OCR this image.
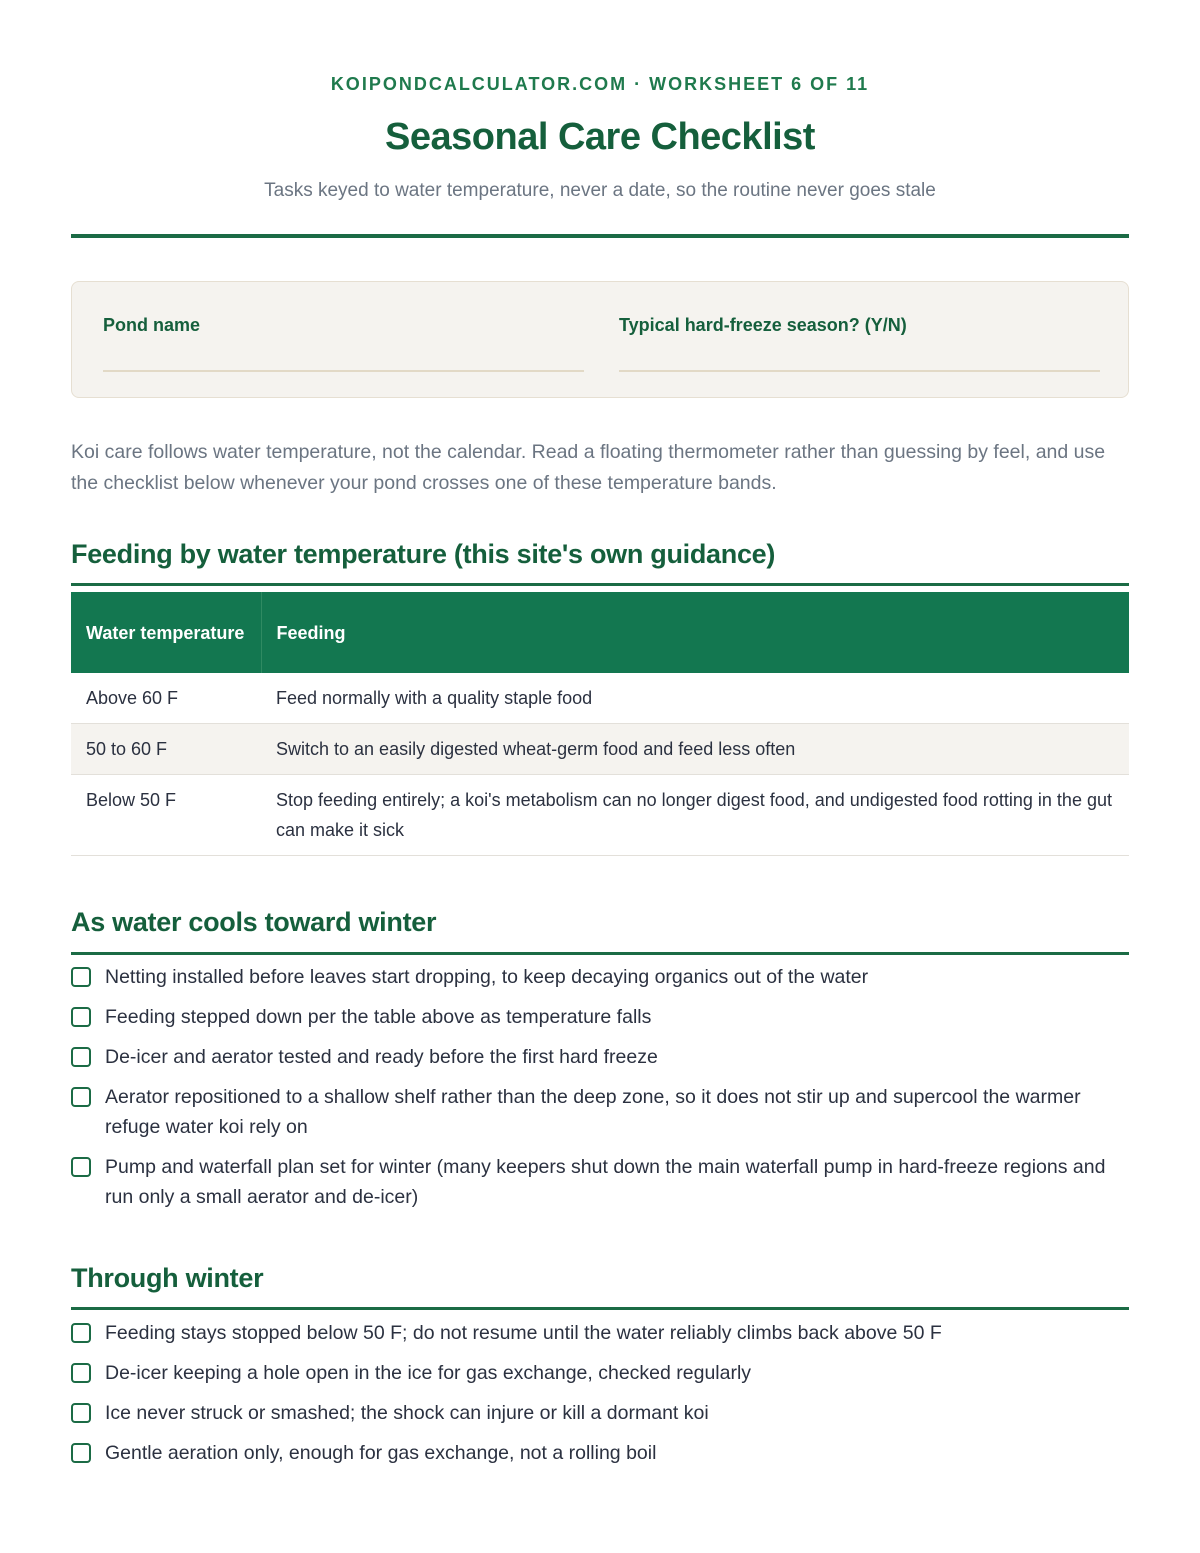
KOIPONDCALCULATOR.COM · WORKSHEET 6 OF 11
Seasonal Care Checklist

Tasks keyed to water temperature, never a date, so the routine never goes stale

Pond name	Typical hard-freeze season? (Y/N)

Koi care follows water temperature, not the calendar. Read a floating thermometer rather than guessing by feel, and use the checklist below whenever your pond crosses one of these temperature bands.

Feeding by water temperature (this site's own guidance)
Water temperature	Feeding
Above 60 F	Feed normally with a quality staple food
50 to 60 F	Switch to an easily digested wheat-germ food and feed less often
Below 50 F	Stop feeding entirely; a koi's metabolism can no longer digest food, and undigested food rotting in the gut can make it sick
As water cools toward winter
Netting installed before leaves start dropping, to keep decaying organics out of the water
Feeding stepped down per the table above as temperature falls
De-icer and aerator tested and ready before the first hard freeze
Aerator repositioned to a shallow shelf rather than the deep zone, so it does not stir up and supercool the warmer refuge water koi rely on
Pump and waterfall plan set for winter (many keepers shut down the main waterfall pump in hard-freeze regions and run only a small aerator and de-icer)
Through winter
Feeding stays stopped below 50 F; do not resume until the water reliably climbs back above 50 F
De-icer keeping a hole open in the ice for gas exchange, checked regularly
Ice never struck or smashed; the shock can injure or kill a dormant koi
Gentle aeration only, enough for gas exchange, not a rolling boil
